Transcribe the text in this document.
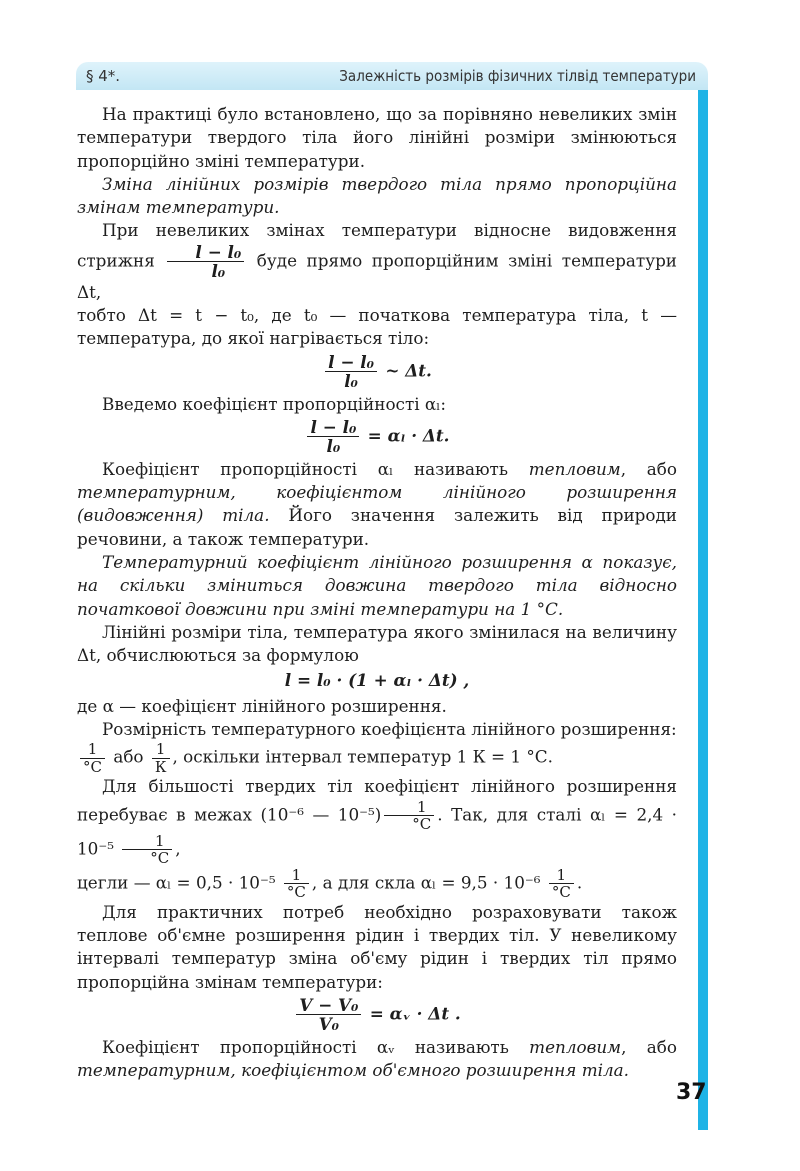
§ 4*.	Залежність розмірів фізичних тілвід температури

На практиці було встановлено, що за порівняно невеликих змін температури твердого тіла його лінійні розміри змінюються пропорційно зміні температури.

Зміна лінійних розмірів твердого тіла прямо пропорційна змінам температури.

При невеликих змінах температури відносне видовження стрижня $\frac{\text{l − l₀}}{\text{l₀}}$ буде прямо пропорційним зміні температури Δt,

тобто Δt = t − t₀, де t₀ — початкова температура тіла, t — температура, до якої нагрівається тіло:

$\frac{\text{l − l₀}}{\text{l₀}}$ ~ Δt.

Введемо коефіцієнт пропорційності αₗ:

$\frac{\text{l − l₀}}{\text{l₀}} = \alpha_l \cdot \Delta t$.

Коефіцієнт пропорційності αₗ називають тепловим, або температурним, коефіцієнтом лінійного розширення (видовження) тіла. Його значення залежить від природи речовини, а також температури.

Температурний коефіцієнт лінійного розширення α показує, на скільки зміниться довжина твердого тіла відносно початкової довжини при зміні температури на 1 °С.

Лінійні розміри тіла, температура якого змінилася на величину Δt, обчислюються за формулою

l = l₀ · (1 + αₗ · Δt) ,

де α — коефіцієнт лінійного розширення.

Розмірність температурного коефіцієнта лінійного розширення:

$\frac{1}{^\circ С}$ або $\frac{1}{К}$ , оскільки інтервал температур 1 К = 1 °С.

Для більшості твердих тіл коефіцієнт лінійного розширення перебуває в межах (10⁻⁶ — $10^{-5}) \frac{1}{^\circ С}$ . Так, для сталі $\alpha_l = 2,4 \cdot 10^{-5} \frac{1}{^\circ С}$ ,

цегли — $\alpha_l = 0,5 \cdot 10^{-5} \frac{1}{^\circ С}$ , а для скла $\alpha_l = 9,5 \cdot 10^{-6} \frac{1}{^\circ С}$ .

Для практичних потреб необхідно розраховувати також теплове об'ємне розширення рідин і твердих тіл. У невеликому інтервалі температур зміна об'єму рідин і твердих тіл прямо пропорційна змінам температури:

$\frac{\text{V − V₀}}{\text{V₀}}$ = αᵥ · Δt .

Коефіцієнт пропорційності αᵥ називають тепловим, або температурним, коефіцієнтом об'ємного розширення тіла.

37
